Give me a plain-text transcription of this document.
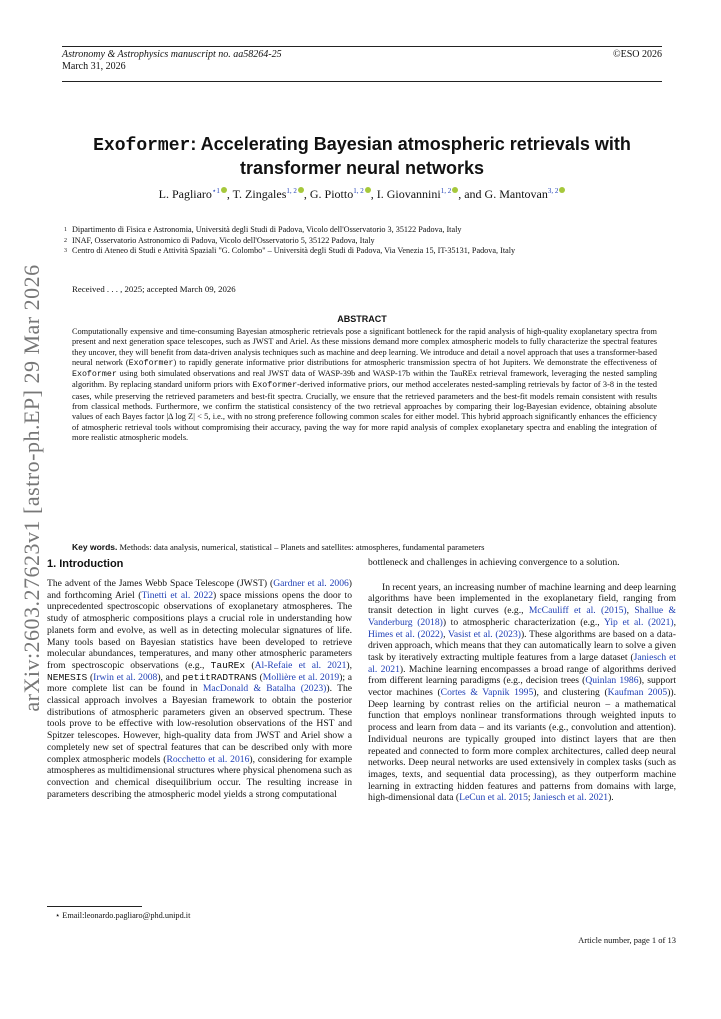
Astronomy & Astrophysics manuscript no. aa58264-25
March 31, 2026
©ESO 2026
arXiv:2603.27623v1 [astro-ph.EP] 29 Mar 2026
Exoformer: Accelerating Bayesian atmospheric retrievals with transformer neural networks
L. Pagliaro$^{⋆1}$ , T. Zingales$^{1, 2}$ , G. Piotto$^{1, 2}$ , I. Giovannini$^{1, 2}$ , and G. Mantovan$^{3, 2}$
1 Dipartimento di Fisica e Astronomia, Università degli Studi di Padova, Vicolo dell'Osservatorio 3, 35122 Padova, Italy
2 INAF, Osservatorio Astronomico di Padova, Vicolo dell'Osservatorio 5, 35122 Padova, Italy
3 Centro di Ateneo di Studi e Attività Spaziali "G. Colombo" – Università degli Studi di Padova, Via Venezia 15, IT-35131, Padova, Italy
Received . . . , 2025; accepted March 09, 2026
ABSTRACT
Computationally expensive and time-consuming Bayesian atmospheric retrievals pose a significant bottleneck for the rapid analysis of high-quality exoplanetary spectra from present and next generation space telescopes, such as JWST and Ariel. As these missions demand more complex atmospheric models to fully characterize the spectral features they uncover, they will benefit from data-driven analysis techniques such as machine and deep learning. We introduce and detail a novel approach that uses a transformer-based neural network (Exoformer) to rapidly generate informative prior distributions for atmospheric transmission spectra of hot Jupiters. We demonstrate the effectiveness of Exoformer using both simulated observations and real JWST data of WASP-39b and WASP-17b within the TauREx retrieval framework, leveraging the nested sampling algorithm. By replacing standard uniform priors with Exoformer-derived informative priors, our method accelerates nested-sampling retrievals by factor of 3-8 in the tested cases, while preserving the retrieved parameters and best-fit spectra. Crucially, we ensure that the retrieved parameters and the best-fit models remain consistent with results from classical methods. Furthermore, we confirm the statistical consistency of the two retrieval approaches by comparing their log-Bayesian evidence, obtaining absolute values of each Bayes factor |Δ log Z| < 5, i.e., with no strong preference following common scales for either model. This hybrid approach significantly enhances the efficiency of atmospheric retrieval tools without compromising their accuracy, paving the way for more rapid analysis of complex exoplanetary spectra and enabling the integration of more realistic atmospheric models.
Key words. Methods: data analysis, numerical, statistical – Planets and satellites: atmospheres, fundamental parameters
1. Introduction

The advent of the James Webb Space Telescope (JWST) (Gardner et al. 2006) and forthcoming Ariel (Tinetti et al. 2022) space missions opens the door to unprecedented spectroscopic observations of exoplanetary atmospheres. The study of atmospheric compositions plays a crucial role in understanding how planets form and evolve, as well as in detecting molecular signatures of life. Many tools based on Bayesian statistics have been developed to retrieve molecular abundances, temperatures, and many other atmospheric parameters from spectroscopic observations (e.g., TauREx (Al-Refaie et al. 2021), NEMESIS (Irwin et al. 2008), and petitRADTRANS (Mollière et al. 2019); a more complete list can be found in MacDonald & Batalha (2023)). The classical approach involves a Bayesian framework to obtain the posterior distributions of atmospheric parameters given an observed spectrum. These tools prove to be effective with low-resolution observations of the HST and Spitzer telescopes. However, high-quality data from JWST and Ariel show a completely new set of spectral features that can be described only with more complex atmospheric models (Rocchetto et al. 2016), considering for example atmospheres as multidimensional structures where physical phenomena such as convection and chemical disequilibrium occur. The resulting increase in parameters describing the atmospheric model yields a strong computational

bottleneck and challenges in achieving convergence to a solution.

In recent years, an increasing number of machine learning and deep learning algorithms have been implemented in the exoplanetary field, ranging from transit detection in light curves (e.g., McCauliff et al. (2015), Shallue & Vanderburg (2018)) to atmospheric characterization (e.g., Yip et al. (2021), Himes et al. (2022), Vasist et al. (2023)). These algorithms are based on a data-driven approach, which means that they can automatically learn to solve a given task by iteratively extracting multiple features from a large dataset (Janiesch et al. 2021). Machine learning encompasses a broad range of algorithms derived from different learning paradigms (e.g., decision trees (Quinlan 1986), support vector machines (Cortes & Vapnik 1995), and clustering (Kaufman 2005)). Deep learning by contrast relies on the artificial neuron – a mathematical function that employs nonlinear transformations through weighted inputs to process and learn from data – and its variants (e.g., convolution and attention). Individual neurons are typically grouped into distinct layers that are then repeated and connected to form more complex architectures, called deep neural networks. Deep neural networks are used extensively in complex tasks (such as images, texts, and sequential data processing), as they outperform machine learning in extracting hidden features and patterns from domains with large, high-dimensional data (LeCun et al. 2015; Janiesch et al. 2021).

⋆ Email:leonardo.pagliaro@phd.unipd.it
Article number, page 1 of 13
